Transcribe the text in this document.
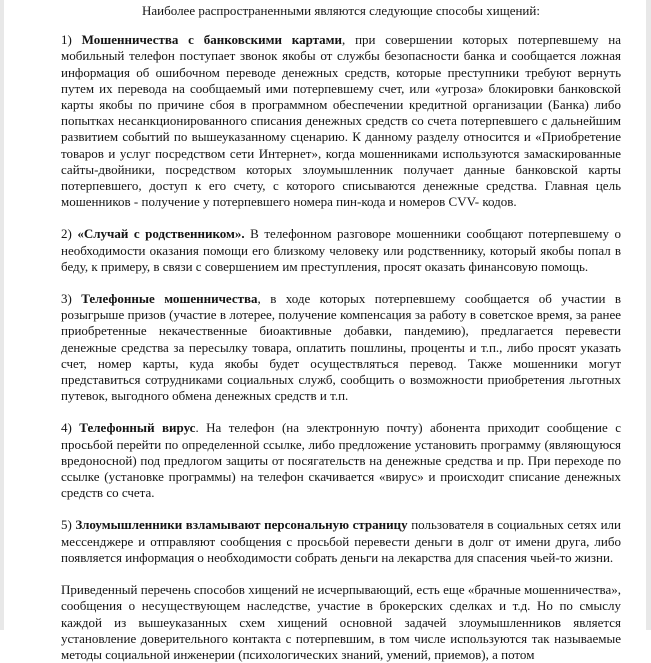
Наиболее распространенными являются следующие способы хищений:

1) Мошенничества с банковскими картами, при совершении которых потерпевшему на мобильный телефон поступает звонок якобы от службы безопасности банка и сообщается ложная информация об ошибочном переводе денежных средств, которые преступники требуют вернуть путем их перевода на сообщаемый ими потерпевшему счет, или «угроза» блокировки банковской карты якобы по причине сбоя в программном обеспечении кредитной организации (Банка) либо попытках несанкционированного списания денежных средств со счета потерпевшего с дальнейшим развитием событий по вышеуказанному сценарию. К данному разделу относится и «Приобретение товаров и услуг посредством сети Интернет», когда мошенниками используются замаскированные сайты-двойники, посредством которых злоумышленник получает данные банковской карты потерпевшего, доступ к его счету, с которого списываются денежные средства. Главная цель мошенников - получение у потерпевшего номера пин-кода и номеров CVV- кодов.

2) «Случай с родственником». В телефонном разговоре мошенники сообщают потерпевшему о необходимости оказания помощи его близкому человеку или родственнику, который якобы попал в беду, к примеру, в связи с совершением им преступления, просят оказать финансовую помощь.

3) Телефонные мошенничества, в ходе которых потерпевшему сообщается об участии в розыгрыше призов (участие в лотерее, получение компенсация за работу в советское время, за ранее приобретенные некачественные биоактивные добавки, пандемию), предлагается перевести денежные средства за пересылку товара, оплатить пошлины, проценты и т.п., либо просят указать счет, номер карты, куда якобы будет осуществляться перевод. Также мошенники могут представиться сотрудниками социальных служб, сообщить о возможности приобретения льготных путевок, выгодного обмена денежных средств и т.п.

4) Телефонный вирус. На телефон (на электронную почту) абонента приходит сообщение с просьбой перейти по определенной ссылке, либо предложение установить программу (являющуюся вредоносной) под предлогом защиты от посягательств на денежные средства и пр. При переходе по ссылке (установке программы) на телефон скачивается «вирус» и происходит списание денежных средств со счета.

5) Злоумышленники взламывают персональную страницу пользователя в социальных сетях или мессенджере и отправляют сообщения с просьбой перевести деньги в долг от имени друга, либо появляется информация о необходимости собрать деньги на лекарства для спасения чьей-то жизни.

Приведенный перечень способов хищений не исчерпывающий, есть еще «брачные мошенничества», сообщения о несуществующем наследстве, участие в брокерских сделках и т.д. Но по смыслу каждой из вышеуказанных схем хищений основной задачей злоумышленников является установление доверительного контакта с потерпевшим, в том числе используются так называемые методы социальной инженерии (психологических знаний, умений, приемов), а потом
